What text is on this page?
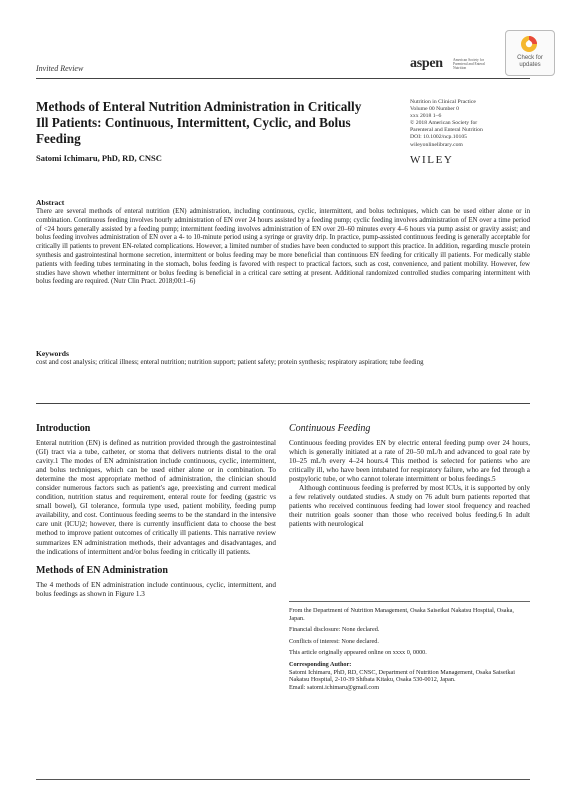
Invited Review	aspen	American Society for Parenteral and Enteral Nutrition
Check for updates
Methods of Enteral Nutrition Administration in Critically Ill Patients: Continuous, Intermittent, Cyclic, and Bolus Feeding
Satomi Ichimaru, PhD, RD, CNSC
Nutrition in Clinical Practice
Volume 00 Number 0
xxx 2018 1–6
© 2018 American Society for
Parenteral and Enteral Nutrition
DOI: 10.1002/ncp.10105
wileyonlinelibrary.com
WILEY
Abstract
There are several methods of enteral nutrition (EN) administration, including continuous, cyclic, intermittent, and bolus techniques, which can be used either alone or in combination. Continuous feeding involves hourly administration of EN over 24 hours assisted by a feeding pump; cyclic feeding involves administration of EN over a time period of <24 hours generally assisted by a feeding pump; intermittent feeding involves administration of EN over 20–60 minutes every 4–6 hours via pump assist or gravity assist; and bolus feeding involves administration of EN over a 4- to 10-minute period using a syringe or gravity drip. In practice, pump-assisted continuous feeding is generally acceptable for critically ill patients to prevent EN-related complications. However, a limited number of studies have been conducted to support this practice. In addition, regarding muscle protein synthesis and gastrointestinal hormone secretion, intermittent or bolus feeding may be more beneficial than continuous EN feeding for critically ill patients. For medically stable patients with feeding tubes terminating in the stomach, bolus feeding is favored with respect to practical factors, such as cost, convenience, and patient mobility. However, few studies have shown whether intermittent or bolus feeding is beneficial in a critical care setting at present. Additional randomized controlled studies comparing intermittent with bolus feeding are required. (Nutr Clin Pract. 2018;00:1–6)
Keywords
cost and cost analysis; critical illness; enteral nutrition; nutrition support; patient safety; protein synthesis; respiratory aspiration; tube feeding
Introduction

Enteral nutrition (EN) is defined as nutrition provided through the gastrointestinal (GI) tract via a tube, catheter, or stoma that delivers nutrients distal to the oral cavity.1 The modes of EN administration include continuous, cyclic, intermittent, and bolus techniques, which can be used either alone or in combination. To determine the most appropriate method of administration, the clinician should consider numerous factors such as patient's age, preexisting and current medical condition, nutrition status and requirement, enteral route for feeding (gastric vs small bowel), GI tolerance, formula type used, patient mobility, feeding pump availability, and cost. Continuous feeding seems to be the standard in the intensive care unit (ICU)2; however, there is currently insufficient data to choose the best method to improve patient outcomes of critically ill patients. This narrative review summarizes EN administration methods, their advantages and disadvantages, and the indications of intermittent and/or bolus feeding in critically ill patients.

Methods of EN Administration

The 4 methods of EN administration include continuous, cyclic, intermittent, and bolus feedings as shown in Figure 1.3

Continuous Feeding

Continuous feeding provides EN by electric enteral feeding pump over 24 hours, which is generally initiated at a rate of 20–50 mL/h and advanced to goal rate by 10–25 mL/h every 4–24 hours.4 This method is selected for patients who are critically ill, who have been intubated for respiratory failure, who are fed through a postpyloric tube, or who cannot tolerate intermittent or bolus feedings.5

Although continuous feeding is preferred by most ICUs, it is supported by only a few relatively outdated studies. A study on 76 adult burn patients reported that patients who received continuous feeding had lower stool frequency and reached their nutrition goals sooner than those who received bolus feeding.6 In adult patients with neurological

From the Department of Nutrition Management, Osaka Saiseikai Nakatsu Hospital, Osaka, Japan.

Financial disclosure: None declared.

Conflicts of interest: None declared.

This article originally appeared online on xxxx 0, 0000.

Corresponding Author:

Satomi Ichimaru, PhD, RD, CNSC, Department of Nutrition Management, Osaka Saiseikai Nakatsu Hospital, 2-10-39 Shibata Kitaku, Osaka 530-0012, Japan.

Email: satomi.ichimaru@gmail.com
